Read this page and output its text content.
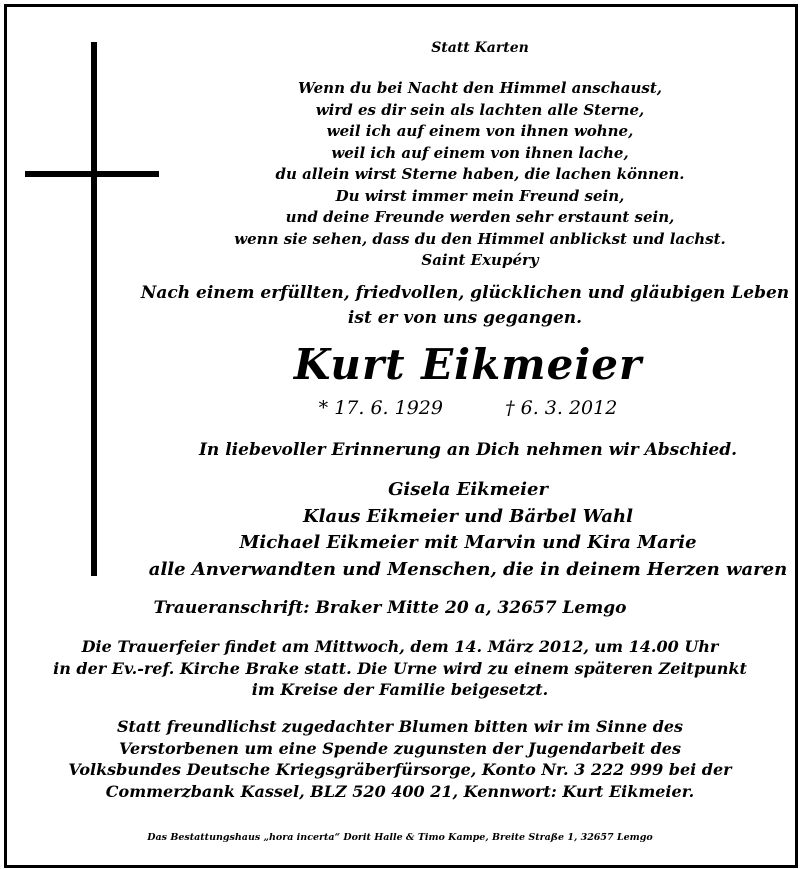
Statt Karten
Wenn du bei Nacht den Himmel anschaust,
wird es dir sein als lachten alle Sterne,
weil ich auf einem von ihnen wohne,
weil ich auf einem von ihnen lache,
du allein wirst Sterne haben, die lachen können.
Du wirst immer mein Freund sein,
und deine Freunde werden sehr erstaunt sein,
wenn sie sehen, dass du den Himmel anblickst und lachst.
Saint Exupéry
Nach einem erfüllten, friedvollen, glücklichen und gläubigen Leben
ist er von uns gegangen.
Kurt Eikmeier
* 17. 6. 1929	† 6. 3. 2012
In liebevoller Erinnerung an Dich nehmen wir Abschied.
Gisela Eikmeier
Klaus Eikmeier und Bärbel Wahl
Michael Eikmeier mit Marvin und Kira Marie
alle Anverwandten und Menschen, die in deinem Herzen waren
Traueranschrift: Braker Mitte 20 a, 32657 Lemgo
Die Trauerfeier findet am Mittwoch, dem 14. März 2012, um 14.00 Uhr
in der Ev.-ref. Kirche Brake statt. Die Urne wird zu einem späteren Zeitpunkt
im Kreise der Familie beigesetzt.
Statt freundlichst zugedachter Blumen bitten wir im Sinne des
Verstorbenen um eine Spende zugunsten der Jugendarbeit des
Volksbundes Deutsche Kriegsgräberfürsorge, Konto Nr. 3 222 999 bei der
Commerzbank Kassel, BLZ 520 400 21, Kennwort: Kurt Eikmeier.
Das Bestattungshaus „hora incerta“ Dorit Halle & Timo Kampe, Breite Straße 1, 32657 Lemgo
